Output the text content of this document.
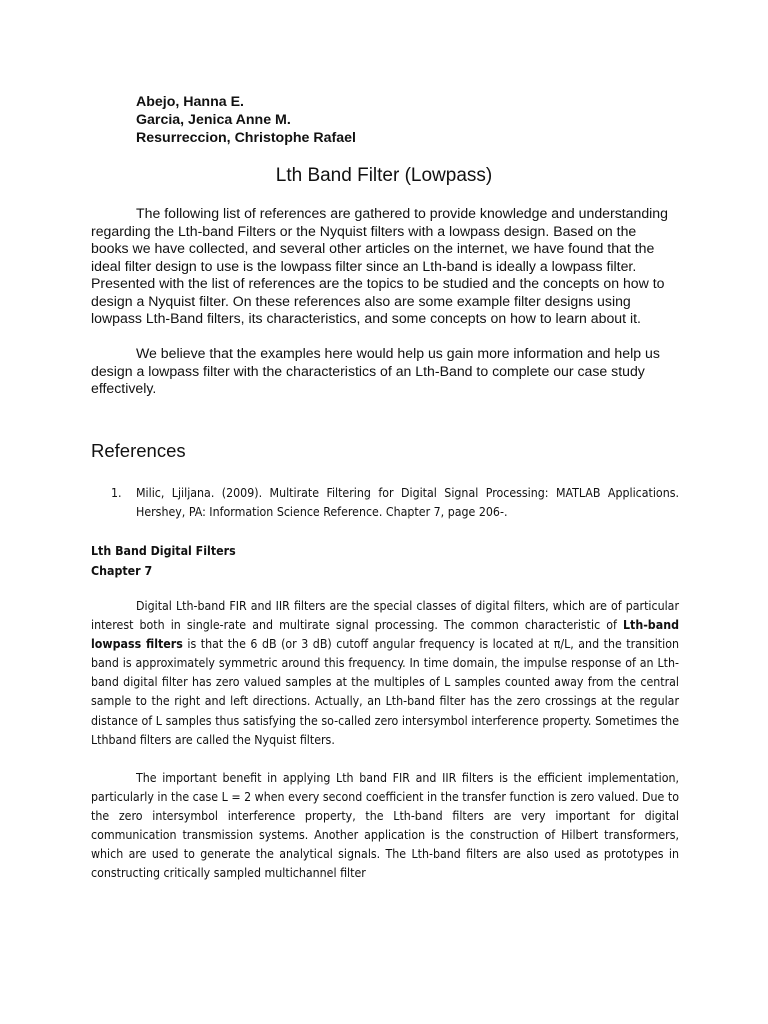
Abejo, Hanna E.

Garcia, Jenica Anne M.

Resurreccion, Christophe Rafael

Lth Band Filter (Lowpass)

The following list of references are gathered to provide knowledge and understanding regarding the Lth-band Filters or the Nyquist filters with a lowpass design. Based on the books we have collected, and several other articles on the internet, we have found that the ideal filter design to use is the lowpass filter since an Lth-band is ideally a lowpass filter. Presented with the list of references are the topics to be studied and the concepts on how to design a Nyquist filter. On these references also are some example filter designs using lowpass Lth-Band filters, its characteristics, and some concepts on how to learn about it.

We believe that the examples here would help us gain more information and help us design a lowpass filter with the characteristics of an Lth-Band to complete our case study effectively.

References
1. Milic, Ljiljana. (2009). Multirate Filtering for Digital Signal Processing: MATLAB Applications. Hershey, PA: Information Science Reference. Chapter 7, page 206-.
Lth Band Digital Filters
Chapter 7

Digital Lth-band FIR and IIR filters are the special classes of digital filters, which are of particular interest both in single-rate and multirate signal processing. The common characteristic of Lth-band lowpass filters is that the 6 dB (or 3 dB) cutoff angular frequency is located at π/L, and the transition band is approximately symmetric around this frequency. In time domain, the impulse response of an Lth-band digital filter has zero valued samples at the multiples of L samples counted away from the central sample to the right and left directions. Actually, an Lth-band filter has the zero crossings at the regular distance of L samples thus satisfying the so-called zero intersymbol interference property. Sometimes the Lthband filters are called the Nyquist filters.

The important benefit in applying Lth band FIR and IIR filters is the efficient implementation, particularly in the case L = 2 when every second coefficient in the transfer function is zero valued. Due to the zero intersymbol interference property, the Lth-band filters are very important for digital communication transmission systems. Another application is the construction of Hilbert transformers, which are used to generate the analytical signals. The Lth-band filters are also used as prototypes in constructing critically sampled multichannel filter
